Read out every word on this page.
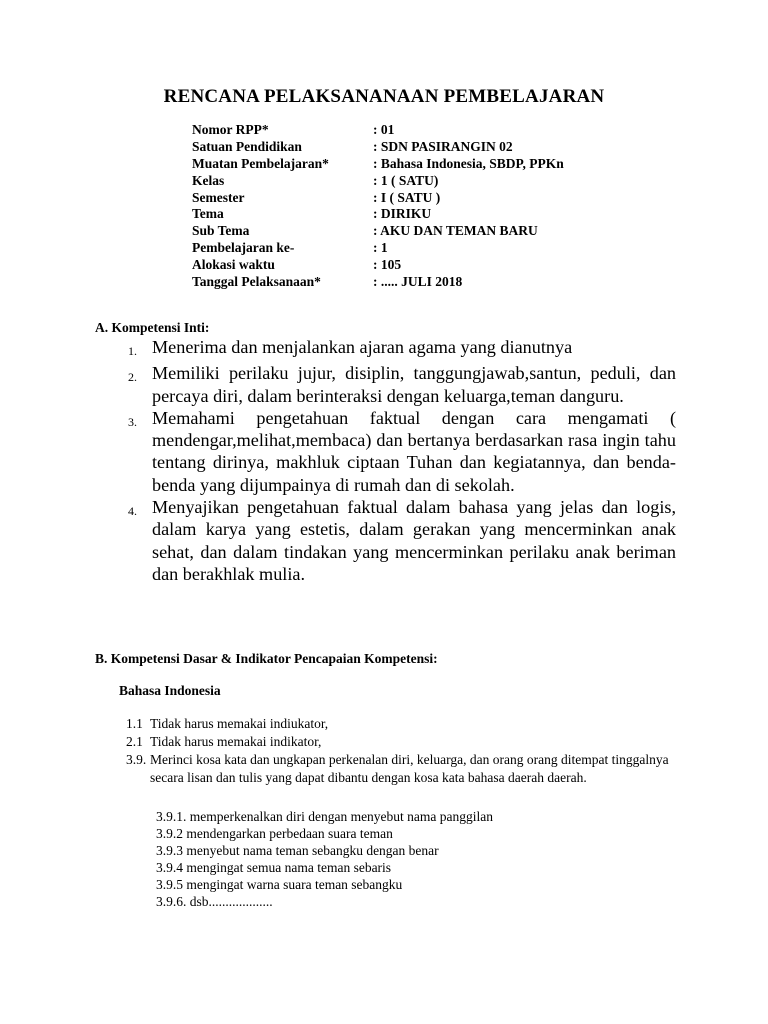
RENCANA PELAKSANANAAN PEMBELAJARAN
Nomor RPP*	: 01
Satuan Pendidikan	: SDN PASIRANGIN 02
Muatan Pembelajaran*	: Bahasa Indonesia, SBDP, PPKn
Kelas	: 1 ( SATU)
Semester	: I ( SATU )
Tema	: DIRIKU
Sub Tema	: AKU DAN TEMAN BARU
Pembelajaran ke-	: 1
Alokasi waktu	: 105
Tanggal Pelaksanaan*	: ..... JULI 2018
A. Kompetensi Inti:
1. Menerima dan menjalankan ajaran agama yang dianutnya
2. Memiliki perilaku jujur, disiplin, tanggungjawab,santun, peduli, dan percaya diri, dalam berinteraksi dengan keluarga,teman danguru.
3. Memahami pengetahuan faktual dengan cara mengamati ( mendengar,melihat,membaca) dan bertanya berdasarkan rasa ingin tahu tentang dirinya, makhluk ciptaan Tuhan dan kegiatannya, dan benda-benda yang dijumpainya di rumah dan di sekolah.
4. Menyajikan pengetahuan faktual dalam bahasa yang jelas dan logis, dalam karya yang estetis, dalam gerakan yang mencerminkan anak sehat, dan dalam tindakan yang mencerminkan perilaku anak beriman dan berakhlak mulia.
B. Kompetensi Dasar & Indikator Pencapaian Kompetensi:
Bahasa Indonesia
1.1 Tidak harus memakai indiukator,
2.1 Tidak harus memakai indikator,
3.9. Merinci kosa kata dan ungkapan perkenalan diri, keluarga, dan orang orang ditempat tinggalnya secara lisan dan tulis yang dapat dibantu dengan kosa kata bahasa daerah daerah.
3.9.1. memperkenalkan diri dengan menyebut nama panggilan
3.9.2 mendengarkan perbedaan suara teman
3.9.3 menyebut nama teman sebangku dengan benar
3.9.4 mengingat semua nama teman sebaris
3.9.5 mengingat warna suara teman sebangku
3.9.6. dsb...................
